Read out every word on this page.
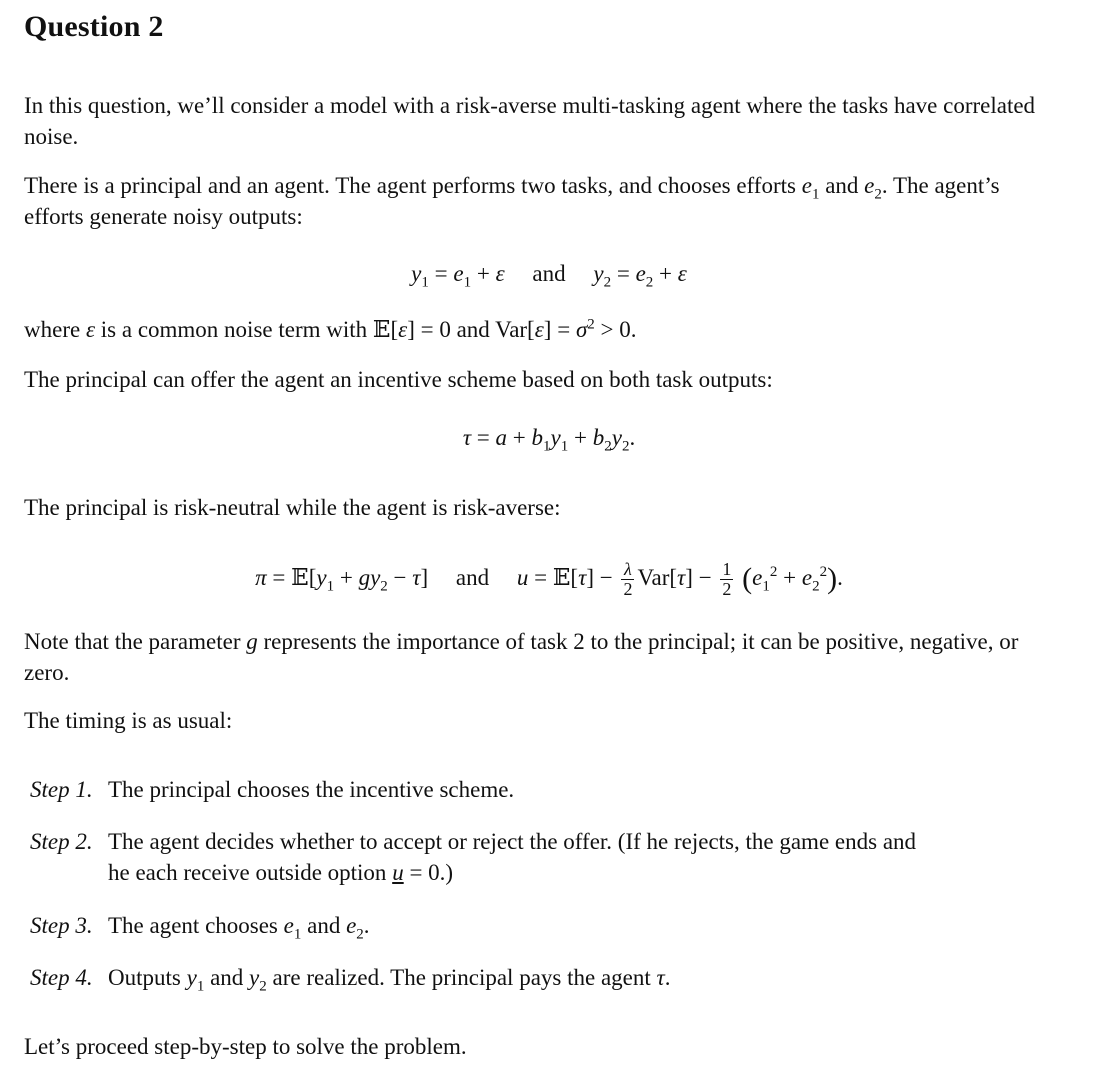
Question 2

In this question, we’ll consider a model with a risk-averse multi-tasking agent where the tasks have correlated noise.

There is a principal and an agent. The agent performs two tasks, and chooses efforts $e_1$ and $e_2$. The agent’s efforts generate noisy outputs:

$y_1 = e_1 + \varepsilon$ and $y_2 = e_2 + \varepsilon$

where ε is a common noise term with 𝔼[ε] = 0 and $Var[\varepsilon] = \sigma^2 > 0$.

The principal can offer the agent an incentive scheme based on both task outputs:

$\tau = a + b_1y_1 + b_2y_2$.

The principal is risk-neutral while the agent is risk-averse:

$\pi = 𝔼[y_1 + gy_2 - \tau]$ and u = 𝔼[τ] − $\frac{\lambda}{2} Var[\tau] - \frac{1}{2} (e_1^2 + e_2^2)$.

Note that the parameter g represents the importance of task 2 to the principal; it can be positive, negative, or zero.

The timing is as usual:

Step 1. The principal chooses the incentive scheme.
Step 2. The agent decides whether to accept or reject the offer. (If he rejects, the game ends and
he each receive outside option u = 0.)
Step 3. The agent chooses $e_1$ and $e_2$.
Step 4. Outputs $y_1$ and $y_2$ are realized. The principal pays the agent τ.

Let’s proceed step-by-step to solve the problem.
